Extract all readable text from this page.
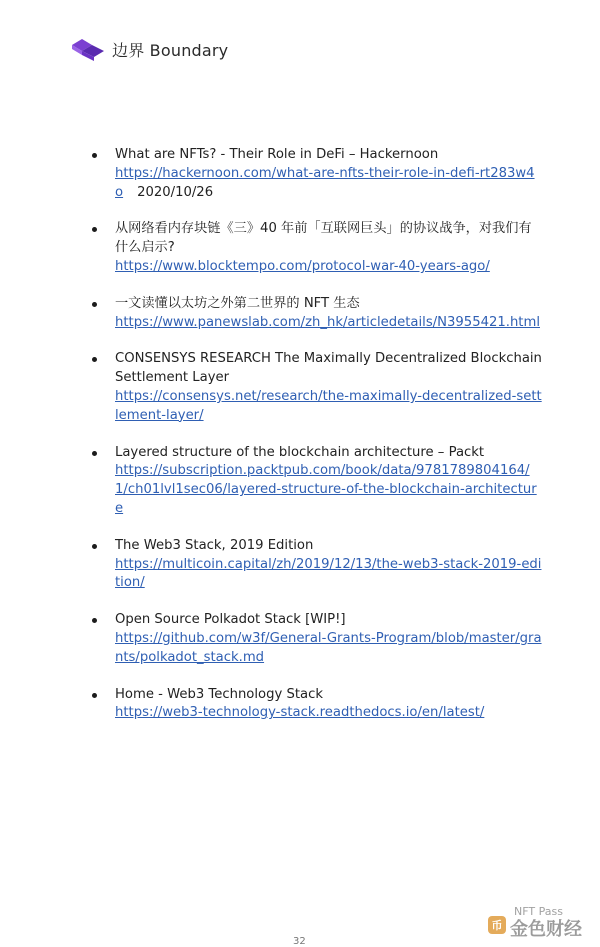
边界 Boundary
What are NFTs? - Their Role in DeFi – Hackernoon
https://hackernoon.com/what-are-nfts-their-role-in-defi-rt283w4o 2020/10/26
从网络看内存块链《三》40 年前「互联网巨头」的协议战争，对我们有什么启示?
https://www.blocktempo.com/protocol-war-40-years-ago/
一文读懂以太坊之外第二世界的 NFT 生态
https://www.panewslab.com/zh_hk/articledetails/N3955421.html
CONSENSYS RESEARCH The Maximally Decentralized Blockchain Settlement Layer
https://consensys.net/research/the-maximally-decentralized-settlement-layer/
Layered structure of the blockchain architecture – Packt
https://subscription.packtpub.com/book/data/9781789804164/1/ch01lvl1sec06/layered-structure-of-the-blockchain-architecture
The Web3 Stack, 2019 Edition
https://multicoin.capital/zh/2019/12/13/the-web3-stack-2019-edition/
Open Source Polkadot Stack [WIP!]
https://github.com/w3f/General-Grants-Program/blob/master/grants/polkadot_stack.md
Home - Web3 Technology Stack
https://web3-technology-stack.readthedocs.io/en/latest/
币
NFT Pass
金色财经
32
